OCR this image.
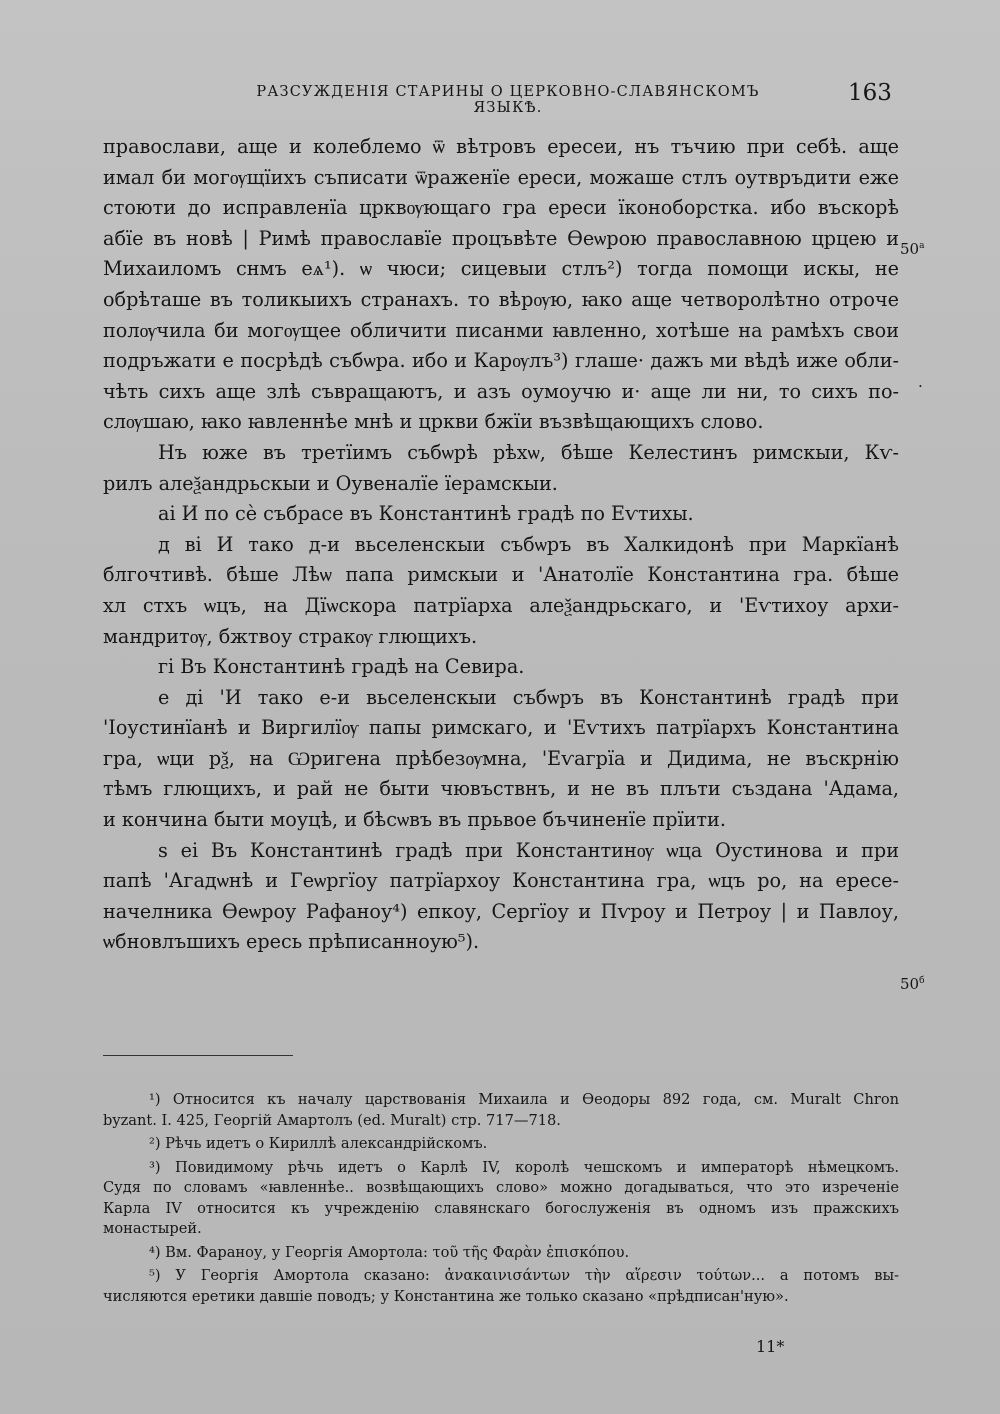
РАЗСУЖДЕНІЯ СТАРИНЫ О ЦЕРКОВНО-СЛАВЯНСКОМЪ ЯЗЫКѢ.
163
православи, аще и колеблемо ѿ вѣтровъ ересеи, нъ тъчию при себѣ. аще
имал би могѹщїихъ съписати ѿраженїе ереси, можаше стлъ оутвръдити еже
стоюти до исправленїа црквѹющаго гра ереси їконоборстка. ибо въскорѣ
абїе въ новѣ | Римѣ православїе процъвѣте Өеѡрою православною црцею и
Михаиломъ снмъ еѧ¹). ѡ чюси; сицевыи стлъ²) тогда помощи искы, не
обрѣташе въ толикыихъ странахъ. то вѣрѹю, ꙗко аще четворолѣтно отроче
полѹчила би могѹщее обличити писанми ꙗвленно, хотѣше на рамѣхъ свои
подръжати е посрѣдѣ събѡра. ибо и Карѹлъ³) глаше· дажъ ми вѣдѣ иже обли-
чѣть сихъ аще злѣ съвращаютъ, и азъ оумоучю и· аще ли ни, то сихъ по-
слѹшаю, ꙗко ꙗвленнѣе мнѣ и цркви бжїи възвѣщающихъ слово.
Нъ юже въ третїимъ събѡрѣ рѣхѡ, бѣше Келестинъ римскыи, Кѵ-
рилъ алеѯандрьскыи и Оувеналїе їерамскыи.
аі И по сѐ събрасе въ Константинѣ градѣ по Еѵтихы.
д ві И тако д-и вьселенскыи събѡръ въ Халкидонѣ при Маркїанѣ
блгочтивѣ. бѣше Лѣѡ папа римскыи и 'Анатолїе Константина гра. бѣше
хл стхъ ѡцъ, на Дїѡскора патрїарха алеѯандрьскаго, и 'Еѵтихоу архи-
мандритѹ, бжтвоу стракѹ глющихъ.
гі Въ Константинѣ градѣ на Севира.
е ді 'И тако е-и вьселенскыи събѡръ въ Константинѣ градѣ при
'Іоустинїанѣ и Виргилїѹ папы римскаго, и 'Еѵтихъ патрїархъ Константина
гра, ѡци рѯ, на Ѡригена прѣбезѹмна, 'Еѵагрїа и Дидима, не въскрнію
тѣмъ глющихъ, и рай не быти чювъствнъ, и не въ плъти създана 'Адама,
и кончина быти моуцѣ, и бѣсѡвъ въ прьвое бъчиненїе прїити.
ѕ еі Въ Константинѣ градѣ при Константинѹ ѡца Оустинова и при
папѣ 'Агадѡнѣ и Геѡргїоу патрїархоу Константина гра, ѡцъ ро, на ересе-
начелника Өеѡроу Рафаноу⁴) епкоу, Сергїоу и Пѵроу и Петроу | и Павлоу,
ѡбновлъшихъ ересь прѣписанноую⁵).
$50^а$
.
$50^б$
¹) Относится къ началу царствованія Михаила и Өеодоры 892 года, см. Muralt Chron
byzant. I. 425, Георгій Амартолъ (ed. Muralt) стр. 717—718.
²) Рѣчь идетъ о Кириллѣ александрійскомъ.
³) Повидимому рѣчь идетъ о Карлѣ IV, королѣ чешскомъ и императорѣ нѣмецкомъ.
Судя по словамъ «ꙗвленнѣе.. возвѣщающихъ слово» можно догадываться, что это изреченіе
Карла IV относится къ учрежденію славянскаго богослуженія въ одномъ изъ пражскихъ
монастырей.
⁴) Вм. Фараноу, у Георгія Амортола: τοῦ τῆς Φαρὰν ἐπισκόπου.
⁵) У Георгія Амортола сказано: ἀνακαινισάντων τὴν αἵρεσιν τούτων... а потомъ вы-
числяются еретики давшіе поводъ; у Константина же только сказано «прѣдписан'ную».
11*
